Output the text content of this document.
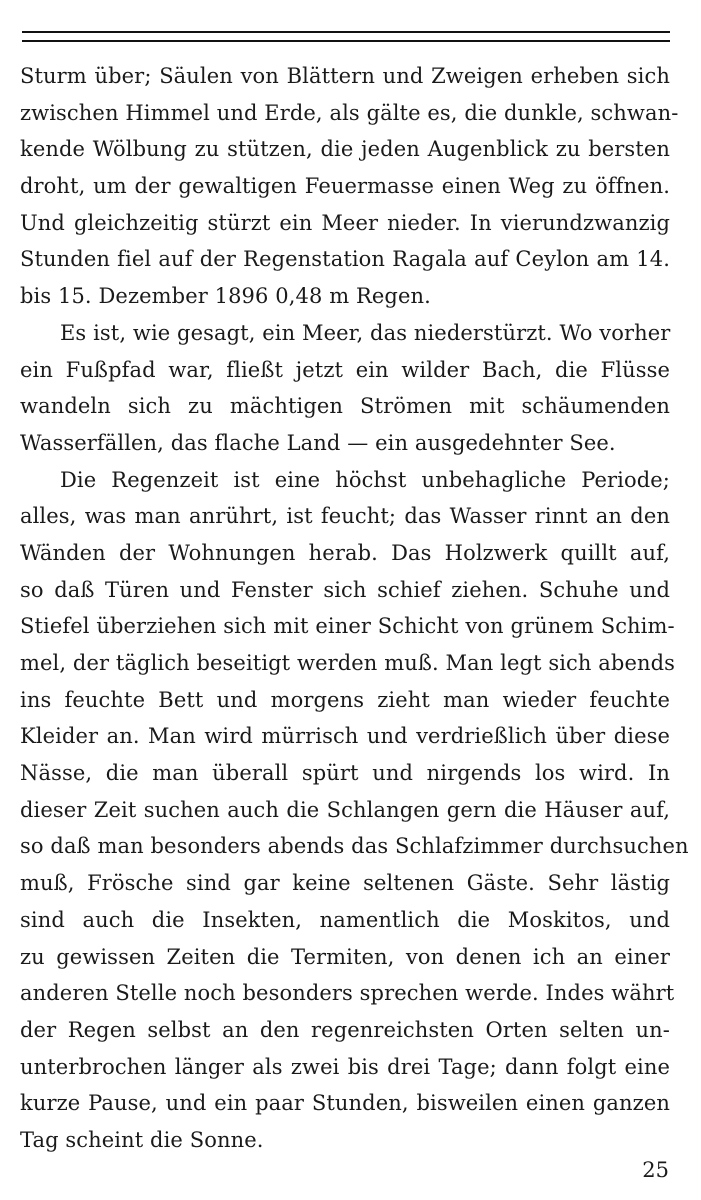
Sturm über; Säulen von Blättern und Zweigen erheben sich
zwischen Himmel und Erde, als gälte es, die dunkle, schwan-
kende Wölbung zu stützen, die jeden Augenblick zu bersten
droht, um der gewaltigen Feuermasse einen Weg zu öffnen.
Und gleichzeitig stürzt ein Meer nieder. In vierundzwanzig
Stunden fiel auf der Regenstation Ragala auf Ceylon am 14.
bis 15. Dezember 1896 0,48 m Regen.
Es ist, wie gesagt, ein Meer, das niederstürzt. Wo vorher
ein Fußpfad war, fließt jetzt ein wilder Bach, die Flüsse
wandeln sich zu mächtigen Strömen mit schäumenden
Wasserfällen, das flache Land — ein ausgedehnter See.
Die Regenzeit ist eine höchst unbehagliche Periode;
alles, was man anrührt, ist feucht; das Wasser rinnt an den
Wänden der Wohnungen herab. Das Holzwerk quillt auf,
so daß Türen und Fenster sich schief ziehen. Schuhe und
Stiefel überziehen sich mit einer Schicht von grünem Schim-
mel, der täglich beseitigt werden muß. Man legt sich abends
ins feuchte Bett und morgens zieht man wieder feuchte
Kleider an. Man wird mürrisch und verdrießlich über diese
Nässe, die man überall spürt und nirgends los wird. In
dieser Zeit suchen auch die Schlangen gern die Häuser auf,
so daß man besonders abends das Schlafzimmer durchsuchen
muß, Frösche sind gar keine seltenen Gäste. Sehr lästig
sind auch die Insekten, namentlich die Moskitos, und
zu gewissen Zeiten die Termiten, von denen ich an einer
anderen Stelle noch besonders sprechen werde. Indes währt
der Regen selbst an den regenreichsten Orten selten un-
unterbrochen länger als zwei bis drei Tage; dann folgt eine
kurze Pause, und ein paar Stunden, bisweilen einen ganzen
Tag scheint die Sonne.
25
